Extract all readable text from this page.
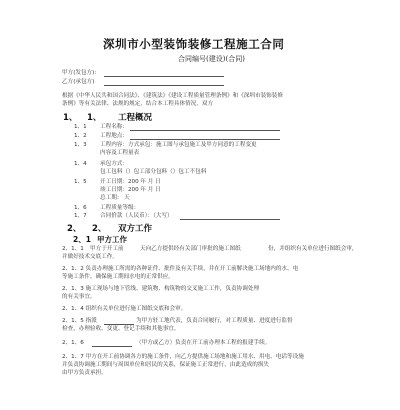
深圳市小型装饰装修工程施工合同
合同编号(建设)(合同)
甲方(发包方):
乙方(承包方)
根据《中华人民共和国合同法》、《建筑法》《建设工程质量管理条例》和《深圳市装饰装修
条例》等有关法律、法规的规定，结合本工程具体情况，双方
1、 1、 工程概况
1、1 工程名称：
1、2 工程地点：
1、3 工程内容：方式承包：施工图与承包施工及甲方同意的工程变更
内容及工程量表
1、4 承包方式：
包工包料（）包工部分包料（）包工不包料
1、5 开工日期：200 年 月 日
竣工日期：200 年 月 日
总工期： 天
1、6 工程质量等级：
1、7 合同价款（人民币）：（大写）
2、 2、 双方工作
2、1 甲方工作
2、1、1 甲方于开工前	天向乙方提供经有关部门审批的施工图纸	份，并组织有关单位进行图纸会审，
并做好技术交底工作。
2、1、2 负责办理施工所需的各种证件、批件及有关手续，并在开工前解决施工场地内的水、电
等施工条件，确保施工期间水电的正常供应。
2、1、3 施工现场与地下管线、建筑物、构筑物的交叉施工工作，负责协调处理
的有关事宜。
2、1、4 组织有关单位进行施工图纸交底和会审。
2、1、5 指派	为甲方驻工地代表，负责合同履行，对工程质量、进度进行监督
检查，办理验收、变更、登记手续和其他事宜。
2、1、6	（甲方或乙方）负责在开工前办理本工程的报建手续。
2、1、7 甲方在开工前协调各方的施工条件，向乙方提供施工场地和施工用水、用电、电话等设施
并负责协调施工期间与周围单位和居民的关系，保证施工正常进行，由此造成的损失
由甲方负责承担。
